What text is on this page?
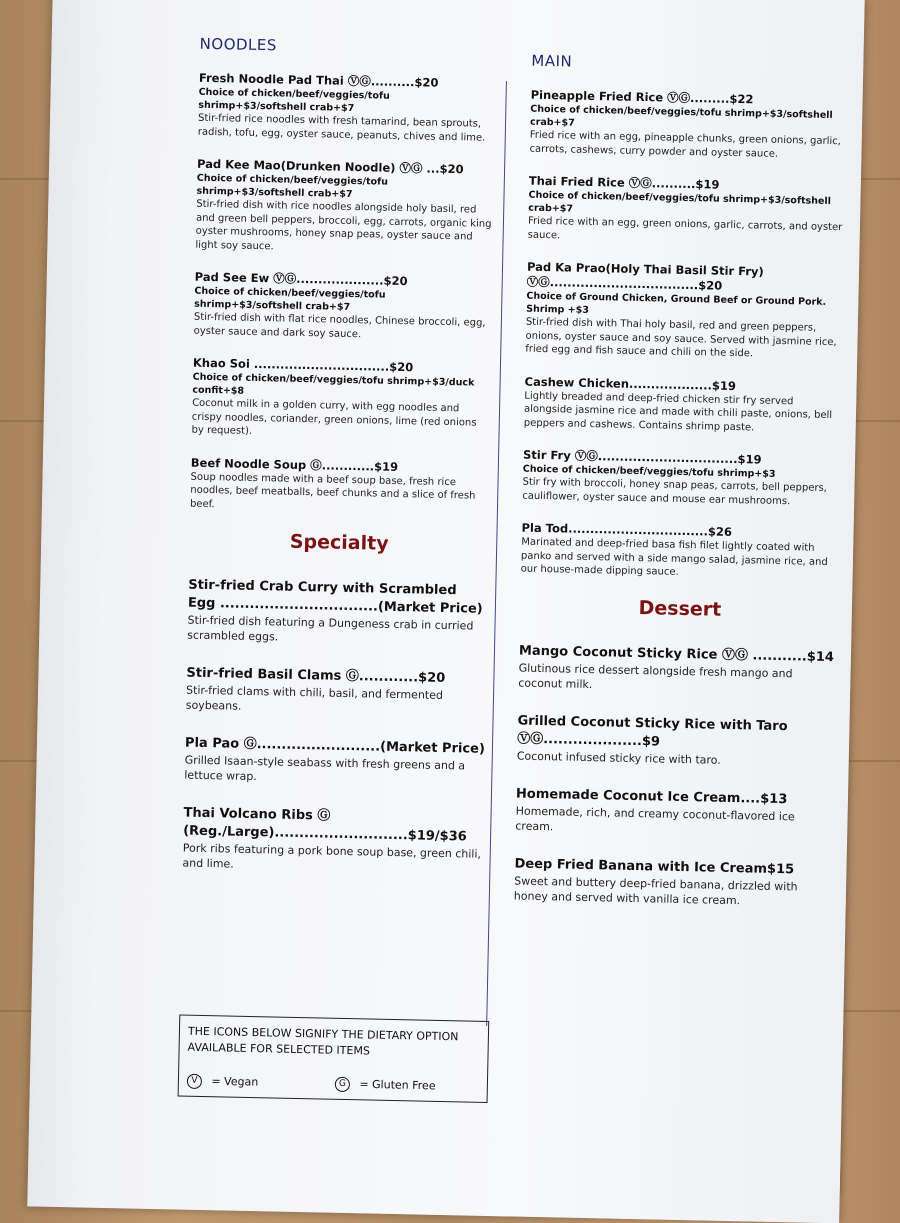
NOODLES
Fresh Noodle Pad Thai ⓋⒼ..........$20
Choice of chicken/beef/veggies/tofu shrimp+$3/softshell crab+$7
Stir-fried rice noodles with fresh tamarind, bean sprouts, radish, tofu, egg, oyster sauce, peanuts, chives and lime.
Pad Kee Mao(Drunken Noodle) ⓋⒼ ...$20
Choice of chicken/beef/veggies/tofu shrimp+$3/softshell crab+$7
Stir-fried dish with rice noodles alongside holy basil, red and green bell peppers, broccoli, egg, carrots, organic king oyster mushrooms, honey snap peas, oyster sauce and light soy sauce.
Pad See Ew ⓋⒼ....................$20
Choice of chicken/beef/veggies/tofu shrimp+$3/softshell crab+$7
Stir-fried dish with flat rice noodles, Chinese broccoli, egg, oyster sauce and dark soy sauce.
Khao Soi ...............................$20
Choice of chicken/beef/veggies/tofu shrimp+$3/duck confit+$8
Coconut milk in a golden curry, with egg noodles and crispy noodles, coriander, green onions, lime (red onions by request).
Beef Noodle Soup Ⓖ............$19
Soup noodles made with a beef soup base, fresh rice noodles, beef meatballs, beef chunks and a slice of fresh beef.
Specialty
Stir-fried Crab Curry with Scrambled Egg ................................(Market Price)
Stir-fried dish featuring a Dungeness crab in curried scrambled eggs.
Stir-fried Basil Clams Ⓖ............$20
Stir-fried clams with chili, basil, and fermented soybeans.
Pla Pao Ⓖ.........................(Market Price)
Grilled Isaan-style seabass with fresh greens and a lettuce wrap.
Thai Volcano Ribs Ⓖ (Reg./Large)...........................$19/$36
Pork ribs featuring a pork bone soup base, green chili, and lime.
THE ICONS BELOW SIGNIFY THE DIETARY OPTION AVAILABLE FOR SELECTED ITEMS
V = Vegan	G = Gluten Free
MAIN
Pineapple Fried Rice ⓋⒼ.........$22
Choice of chicken/beef/veggies/tofu shrimp+$3/softshell crab+$7
Fried rice with an egg, pineapple chunks, green onions, garlic, carrots, cashews, curry powder and oyster sauce.
Thai Fried Rice ⓋⒼ..........$19
Choice of chicken/beef/veggies/tofu shrimp+$3/softshell crab+$7
Fried rice with an egg, green onions, garlic, carrots, and oyster sauce.
Pad Ka Prao(Holy Thai Basil Stir Fry) ⓋⒼ..................................$20
Choice of Ground Chicken, Ground Beef or Ground Pork. Shrimp +$3
Stir-fried dish with Thai holy basil, red and green peppers, onions, oyster sauce and soy sauce. Served with jasmine rice, fried egg and fish sauce and chili on the side.
Cashew Chicken...................$19
Lightly breaded and deep-fried chicken stir fry served alongside jasmine rice and made with chili paste, onions, bell peppers and cashews. Contains shrimp paste.
Stir Fry ⓋⒼ................................$19
Choice of chicken/beef/veggies/tofu shrimp+$3
Stir fry with broccoli, honey snap peas, carrots, bell peppers, cauliflower, oyster sauce and mouse ear mushrooms.
Pla Tod................................$26
Marinated and deep-fried basa fish filet lightly coated with panko and served with a side mango salad, jasmine rice, and our house-made dipping sauce.
Dessert
Mango Coconut Sticky Rice ⓋⒼ ...........$14
Glutinous rice dessert alongside fresh mango and coconut milk.
Grilled Coconut Sticky Rice with Taro ⓋⒼ....................$9
Coconut infused sticky rice with taro.
Homemade Coconut Ice Cream....$13
Homemade, rich, and creamy coconut-flavored ice cream.
Deep Fried Banana with Ice Cream$15
Sweet and buttery deep-fried banana, drizzled with honey and served with vanilla ice cream.
